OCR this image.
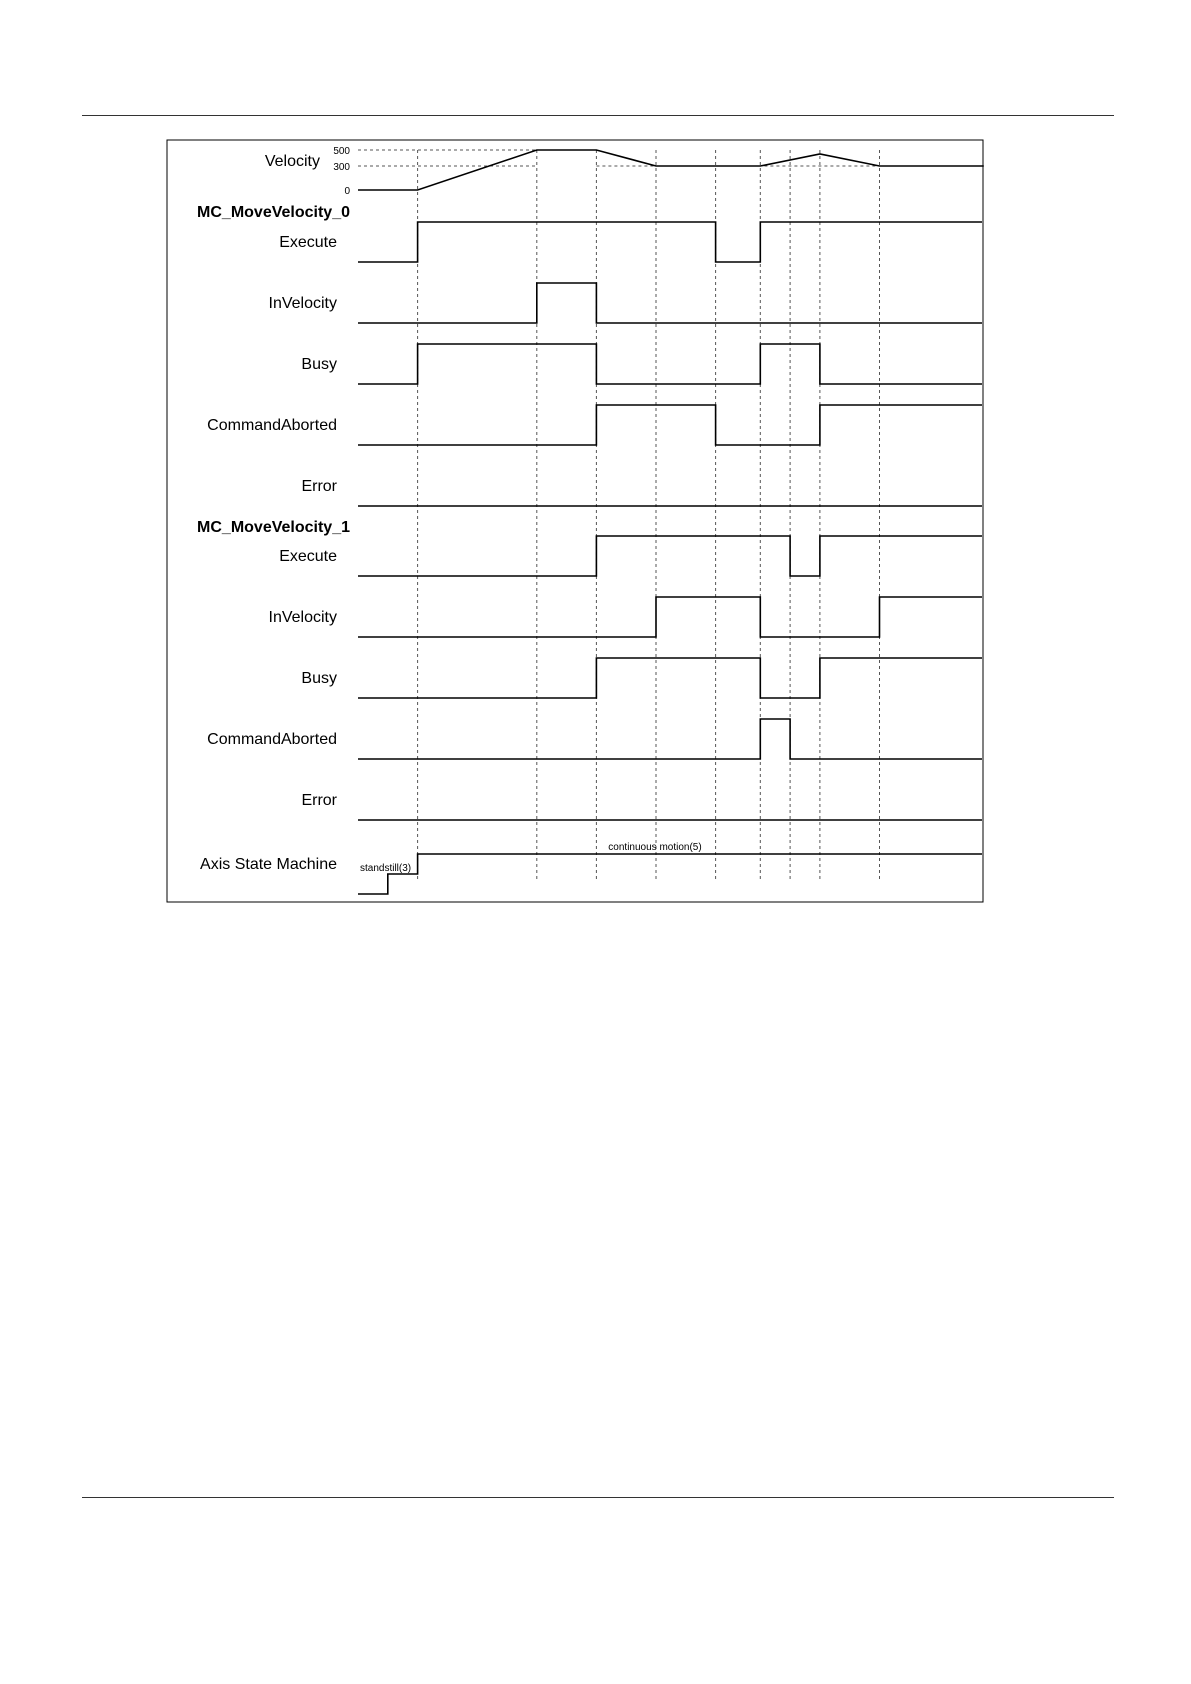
Velocity
500
300
0
MC_MoveVelocity_0
Execute
InVelocity
Busy
CommandAborted
Error
MC_MoveVelocity_1
Execute
InVelocity
Busy
CommandAborted
Error
Axis State Machine standstill(3)
continuous motion(5)
